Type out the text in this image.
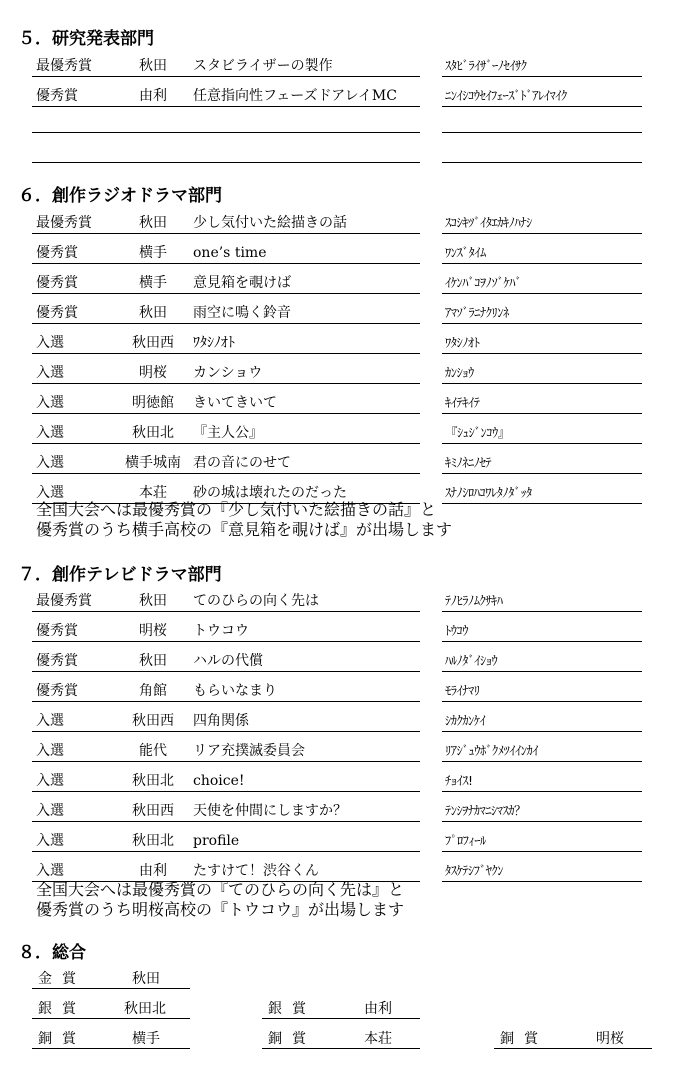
５．研究発表部門
最優秀賞	秋田	スタビライザーの製作	ｽﾀﾋﾞﾗｲｻﾞｰﾉｾｲｻｸ
優秀賞	由利	任意指向性フェーズドアレイMC	ﾆﾝｲｼｺｳｾｲﾌｪｰｽﾞﾄﾞｱﾚｲﾏｲｸ
６．創作ラジオドラマ部門
最優秀賞	秋田	少し気付いた絵描きの話	ｽｺｼｷﾂﾞｲﾀｴｶｷﾉﾊﾅｼ
優秀賞	横手	one’s time	ﾜﾝｽﾞﾀｲﾑ
優秀賞	横手	意見箱を覗けば	ｲｹﾝﾊﾞｺｦﾉｿﾞｹﾊﾞ
優秀賞	秋田	雨空に鳴く鈴音	ｱﾏｿﾞﾗﾆﾅｸﾘﾝﾈ
入選	秋田西	ﾜﾀｼﾉｵﾄ	ﾜﾀｼﾉｵﾄ
入選	明桜	カンショウ	ｶﾝｼｮｳ
入選	明徳館	きいてきいて	ｷｲﾃｷｲﾃ
入選	秋田北	『主人公』	『ｼｭｼﾞﾝｺｳ』
入選	横手城南 君の音にのせて	ｷﾐﾉﾈﾆﾉｾﾃ
入選	本荘	砂の城は壊れたのだった	ｽﾅﾉｼﾛﾊｺﾜﾚﾀﾉﾀﾞｯﾀ
全国大会へは最優秀賞の『少し気付いた絵描きの話』と
優秀賞のうち横手高校の『意見箱を覗けば』が出場します
７．創作テレビドラマ部門
最優秀賞	秋田	てのひらの向く先は	ﾃﾉﾋﾗﾉﾑｸｻｷﾊ
優秀賞	明桜	トウコウ	ﾄｳｺｳ
優秀賞	秋田	ハルの代償	ﾊﾙﾉﾀﾞｲｼｮｳ
優秀賞	角館	もらいなまり	ﾓﾗｲﾅﾏﾘ
入選	秋田西	四角関係	ｼｶｸｶﾝｹｲ
入選	能代	リア充撲滅委員会	ﾘｱｼﾞｭｳﾎﾞｸﾒﾂｲｲﾝｶｲ
入選	秋田北	choice!	ﾁｮｲｽ!
入選	秋田西	天使を仲間にしますか？	ﾃﾝｼｦﾅｶﾏﾆｼﾏｽｶ？
入選	秋田北	profile	ﾌﾟﾛﾌｨｰﾙ
入選	由利	たすけて！渋谷くん	ﾀｽｹﾃｼﾌﾞﾔｸﾝ
全国大会へは最優秀賞の『てのひらの向く先は』と
優秀賞のうち明桜高校の『トウコウ』が出場します
８．総合
金賞	秋田
銀賞	秋田北	銀賞	由利
銅賞	横手	銅賞	本荘	銅賞	明桜
